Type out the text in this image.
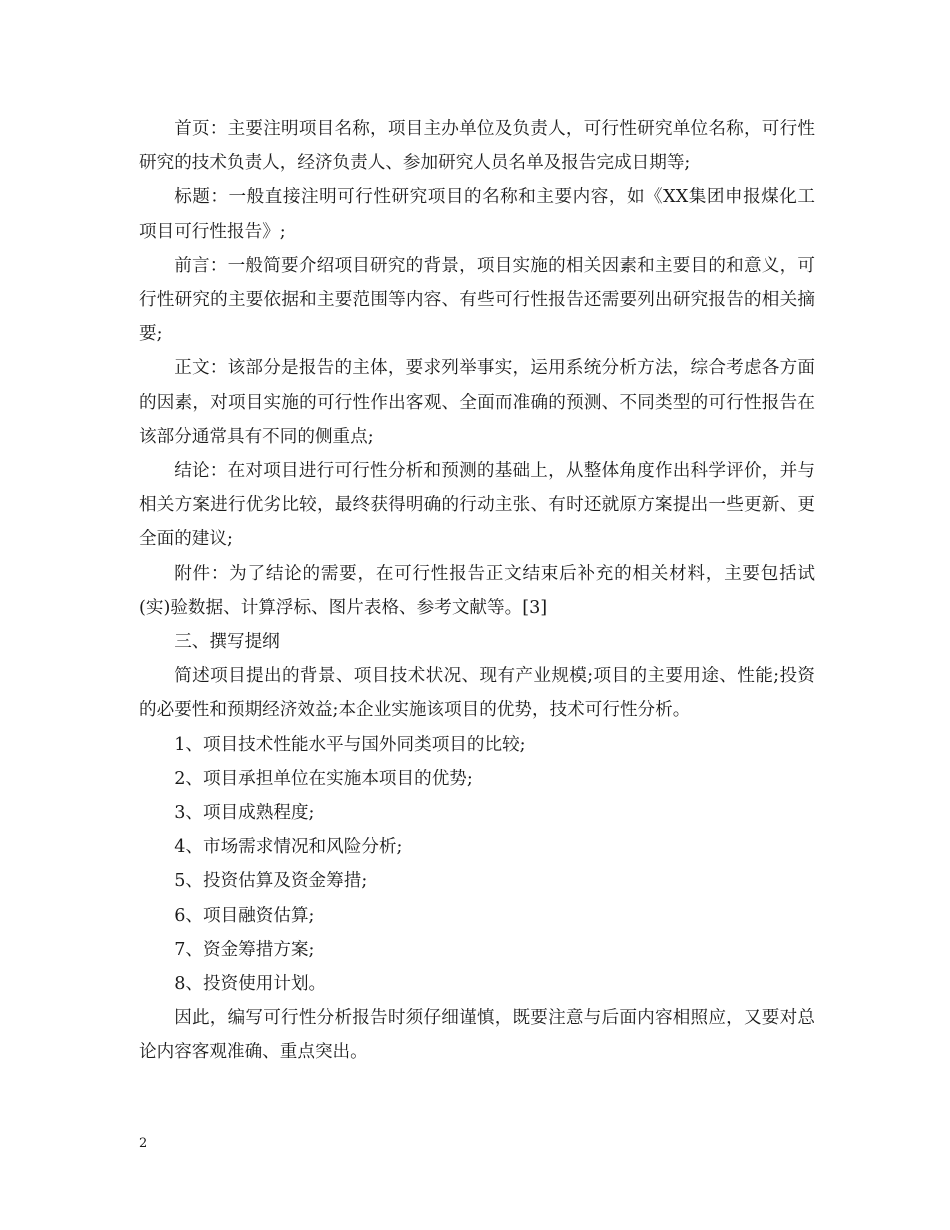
首页：主要注明项目名称，项目主办单位及负责人，可行性研究单位名称，可行性研究的技术负责人，经济负责人、参加研究人员名单及报告完成日期等;

标题：一般直接注明可行性研究项目的名称和主要内容，如《XX集团申报煤化工项目可行性报告》;

前言：一般简要介绍项目研究的背景，项目实施的相关因素和主要目的和意义，可行性研究的主要依据和主要范围等内容、有些可行性报告还需要列出研究报告的相关摘要;

正文：该部分是报告的主体，要求列举事实，运用系统分析方法，综合考虑各方面的因素，对项目实施的可行性作出客观、全面而准确的预测、不同类型的可行性报告在该部分通常具有不同的侧重点;

结论：在对项目进行可行性分析和预测的基础上，从整体角度作出科学评价，并与相关方案进行优劣比较，最终获得明确的行动主张、有时还就原方案提出一些更新、更全面的建议;

附件：为了结论的需要，在可行性报告正文结束后补充的相关材料，主要包括试(实)验数据、计算浮标、图片表格、参考文献等。[3]

三、撰写提纲

简述项目提出的背景、项目技术状况、现有产业规模;项目的主要用途、性能;投资的必要性和预期经济效益;本企业实施该项目的优势，技术可行性分析。

1、项目技术性能水平与国外同类项目的比较;

2、项目承担单位在实施本项目的优势;

3、项目成熟程度;

4、市场需求情况和风险分析;

5、投资估算及资金筹措;

6、项目融资估算;

7、资金筹措方案;

8、投资使用计划。

因此，编写可行性分析报告时须仔细谨慎，既要注意与后面内容相照应，又要对总论内容客观准确、重点突出。

2
